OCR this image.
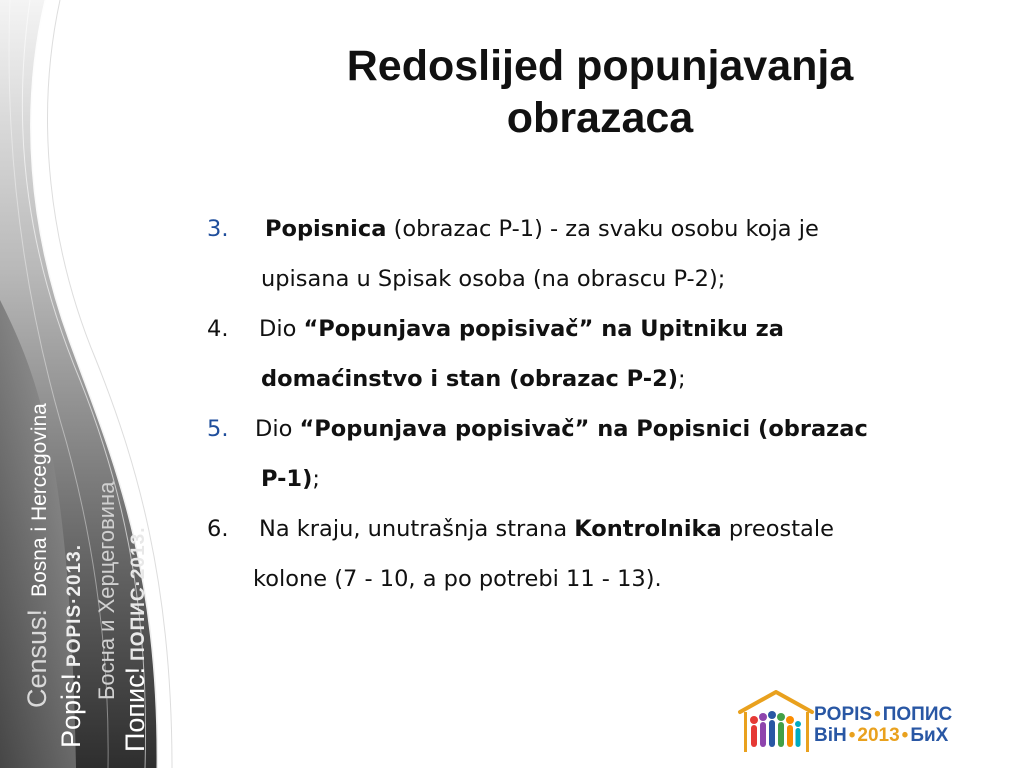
Census!Bosna i Hercegovina
Popis!POPIS·2013. Босна и Херцеговина
Попис!ПОПИС·2013.
Redoslijed popunjavanja
obrazaca
3.	Popisnica (obrazac P-1) - za svaku osobu koja je
upisana u Spisak osoba (na obrascu P-2);
4.	Dio “Popunjava popisivač” na Upitniku za
domaćinstvo i stan (obrazac P-2);
5.	Dio “Popunjava popisivač” na Popisnici (obrazac
P-1);
6.	Na kraju, unutrašnja strana Kontrolnika preostale
kolone (7 - 10, a po potrebi 11 - 13).
POPIS • ПОПИС
BiH • 2013 • БиХ
